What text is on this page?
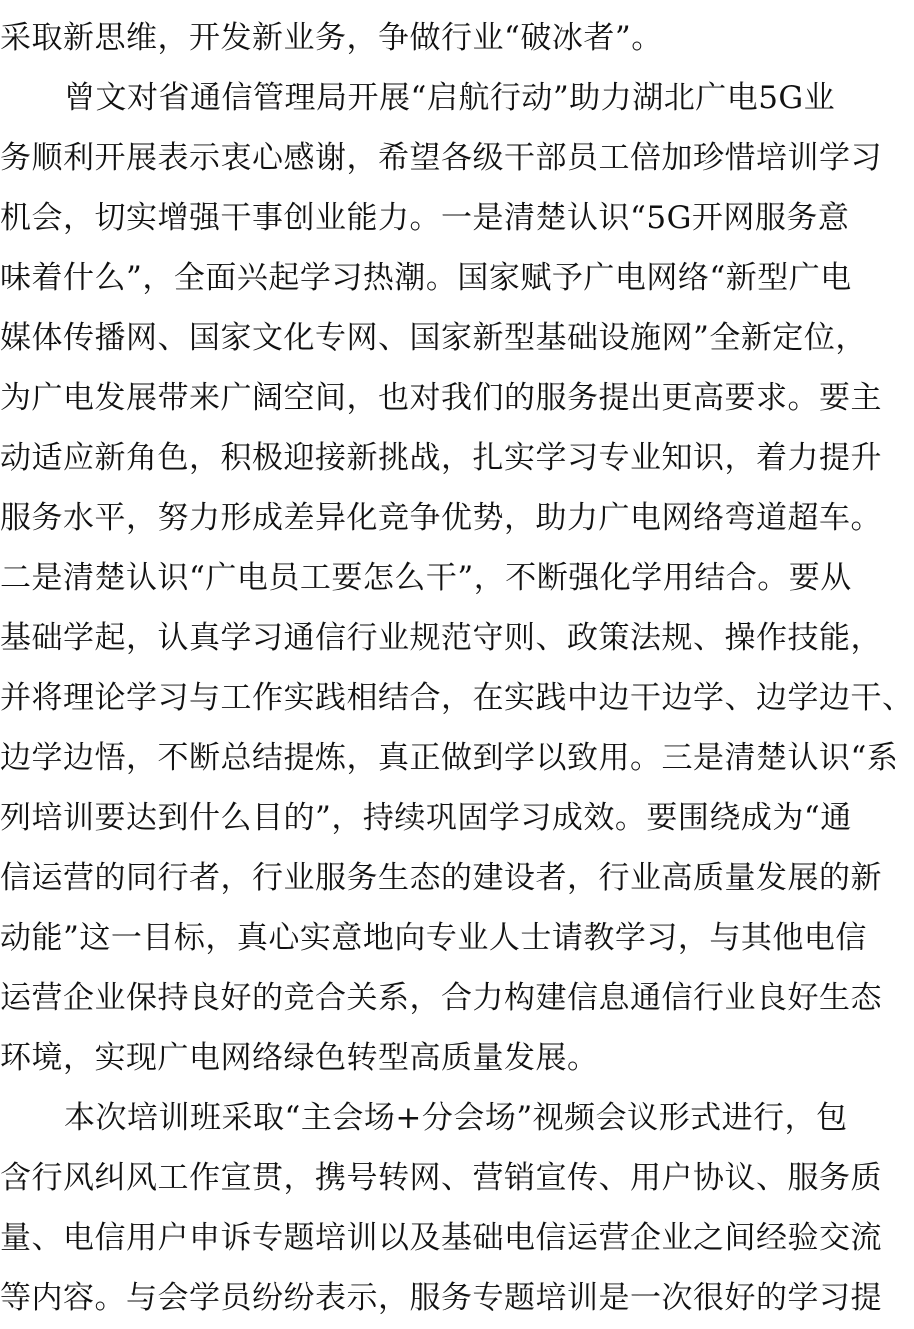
采取新思维，开发新业务，争做行业“破冰者”。
曾文对省通信管理局开展“启航行动”助力湖北广电5G业
务顺利开展表示衷心感谢，希望各级干部员工倍加珍惜培训学习
机会，切实增强干事创业能力。一是清楚认识“5G开网服务意
味着什么”，全面兴起学习热潮。国家赋予广电网络“新型广电
媒体传播网、国家文化专网、国家新型基础设施网”全新定位，
为广电发展带来广阔空间，也对我们的服务提出更高要求。要主
动适应新角色，积极迎接新挑战，扎实学习专业知识，着力提升
服务水平，努力形成差异化竞争优势，助力广电网络弯道超车。
二是清楚认识“广电员工要怎么干”，不断强化学用结合。要从
基础学起，认真学习通信行业规范守则、政策法规、操作技能，
并将理论学习与工作实践相结合，在实践中边干边学、边学边干、
边学边悟，不断总结提炼，真正做到学以致用。三是清楚认识“系
列培训要达到什么目的”，持续巩固学习成效。要围绕成为“通
信运营的同行者，行业服务生态的建设者，行业高质量发展的新
动能”这一目标，真心实意地向专业人士请教学习，与其他电信
运营企业保持良好的竞合关系，合力构建信息通信行业良好生态
环境，实现广电网络绿色转型高质量发展。
本次培训班采取“主会场+分会场”视频会议形式进行，包
含行风纠风工作宣贯，携号转网、营销宣传、用户协议、服务质
量、电信用户申诉专题培训以及基础电信运营企业之间经验交流
等内容。与会学员纷纷表示，服务专题培训是一次很好的学习提
